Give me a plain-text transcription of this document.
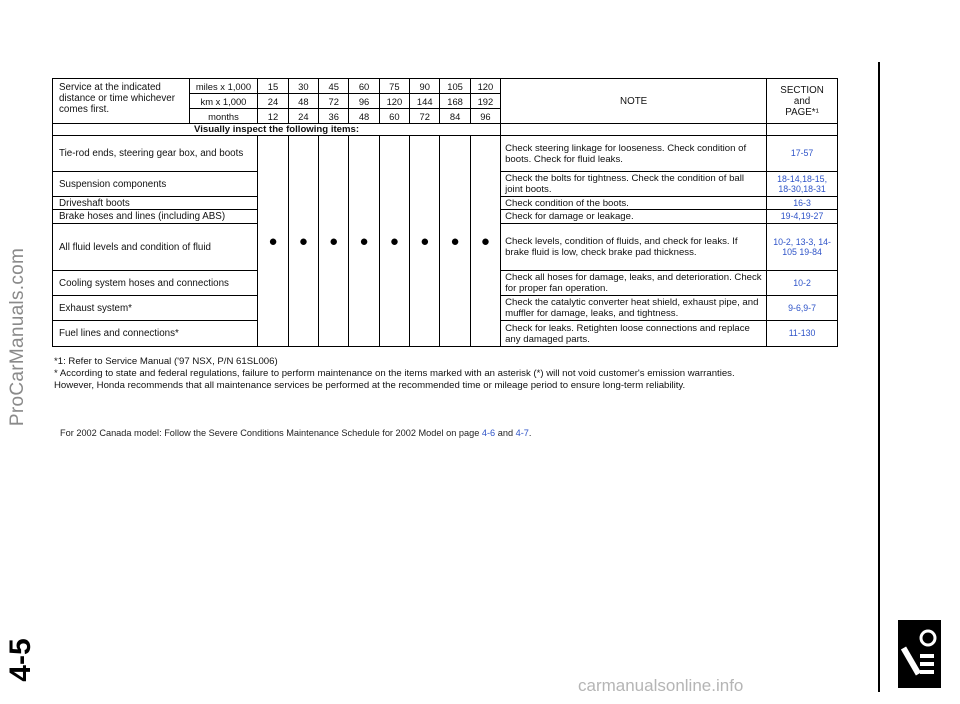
ProCarManuals.com
carmanualsonline.info
4-5
Service at the indicated distance or time whichever comes first.	miles x 1,000	15	30	45	60	75	90	105	120	NOTE	SECTION
and
PAGE*¹

	km x 1,000	24	48	72	96	120	144	168	192		
	months	12	24	36	48	60	72	84	96		
Visually inspect the following items:											
Tie-rod ends, steering gear box, and boots		●	●	●	●	●	●	●	●	Check steering linkage for looseness. Check condition of boots. Check for fluid leaks.	17-57
Suspension components										Check the bolts for tightness. Check the condition of ball joint boots.	18-14,18-15, 18-30,18-31
Driveshaft boots										Check condition of the boots.	16-3
Brake hoses and lines (including ABS)										Check for damage or leakage.	19-4,19-27
All fluid levels and condition of fluid										Check levels, condition of fluids, and check for leaks. If brake fluid is low, check brake pad thickness.	10-2, 13-3, 14-105 19-84
Cooling system hoses and connections										Check all hoses for damage, leaks, and deterioration. Check for proper fan operation.	10-2
Exhaust system*										Check the catalytic converter heat shield, exhaust pipe, and muffler for damage, leaks, and tightness.	9-6,9-7
Fuel lines and connections*										Check for leaks. Retighten loose connections and replace any damaged parts.	11-130
*1: Refer to Service Manual ('97 NSX, P/N 61SL006)
* According to state and federal regulations, failure to perform maintenance on the items marked with an asterisk (*) will not void customer's emission warranties.
However, Honda recommends that all maintenance services be performed at the recommended time or mileage period to ensure long-term reliability.
For 2002 Canada model: Follow the Severe Conditions Maintenance Schedule for 2002 Model on page 4-6 and 4-7.
